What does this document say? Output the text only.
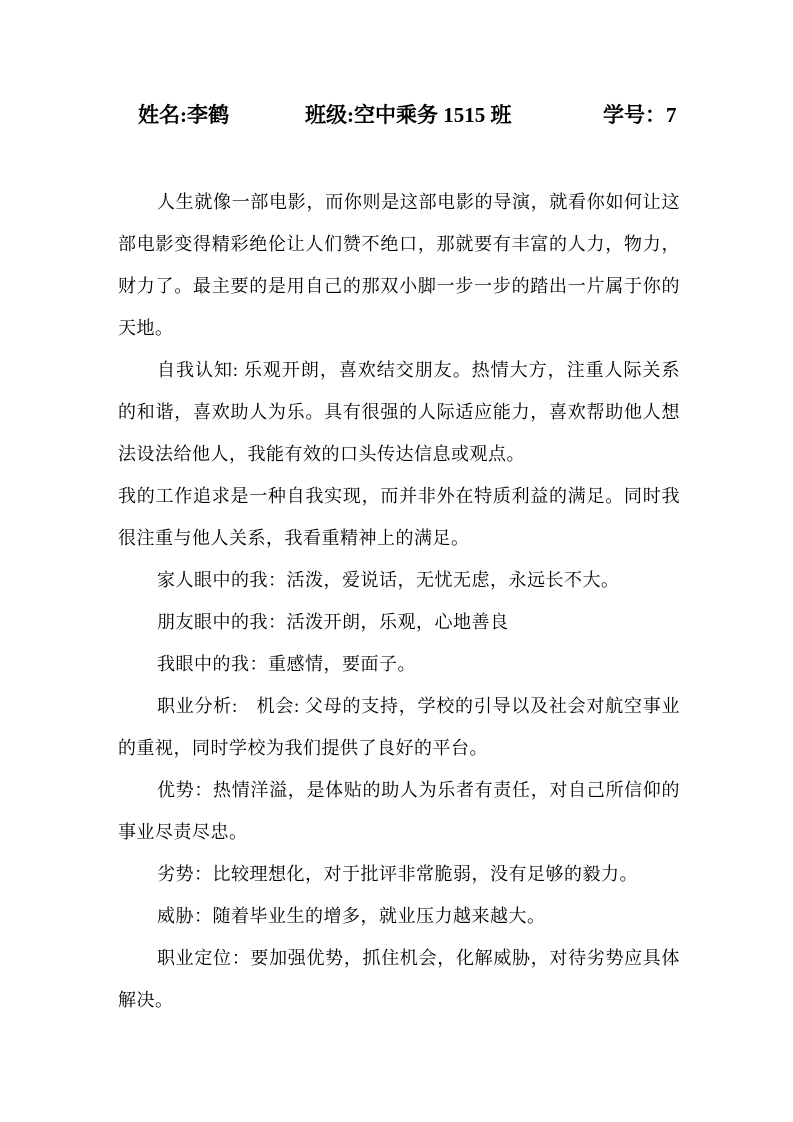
姓名:李鹤	班级:空中乘务 1515 班	学号：7
人生就像一部电影，而你则是这部电影的导演，就看你如何让这
部电影变得精彩绝伦让人们赞不绝口，那就要有丰富的人力，物力，
财力了。最主要的是用自己的那双小脚一步一步的踏出一片属于你的
天地。
自我认知: 乐观开朗，喜欢结交朋友。热情大方，注重人际关系
的和谐，喜欢助人为乐。具有很强的人际适应能力，喜欢帮助他人想
法设法给他人，我能有效的口头传达信息或观点。
我的工作追求是一种自我实现，而并非外在特质利益的满足。同时我
很注重与他人关系，我看重精神上的满足。
家人眼中的我：活泼，爱说话，无忧无虑，永远长不大。
朋友眼中的我：活泼开朗，乐观，心地善良
我眼中的我：重感情，要面子。
职业分析:　机会: 父母的支持，学校的引导以及社会对航空事业
的重视，同时学校为我们提供了良好的平台。
优势：热情洋溢，是体贴的助人为乐者有责任，对自己所信仰的
事业尽责尽忠。
劣势：比较理想化，对于批评非常脆弱，没有足够的毅力。
威胁：随着毕业生的增多，就业压力越来越大。
职业定位：要加强优势，抓住机会，化解威胁，对待劣势应具体
解决。
